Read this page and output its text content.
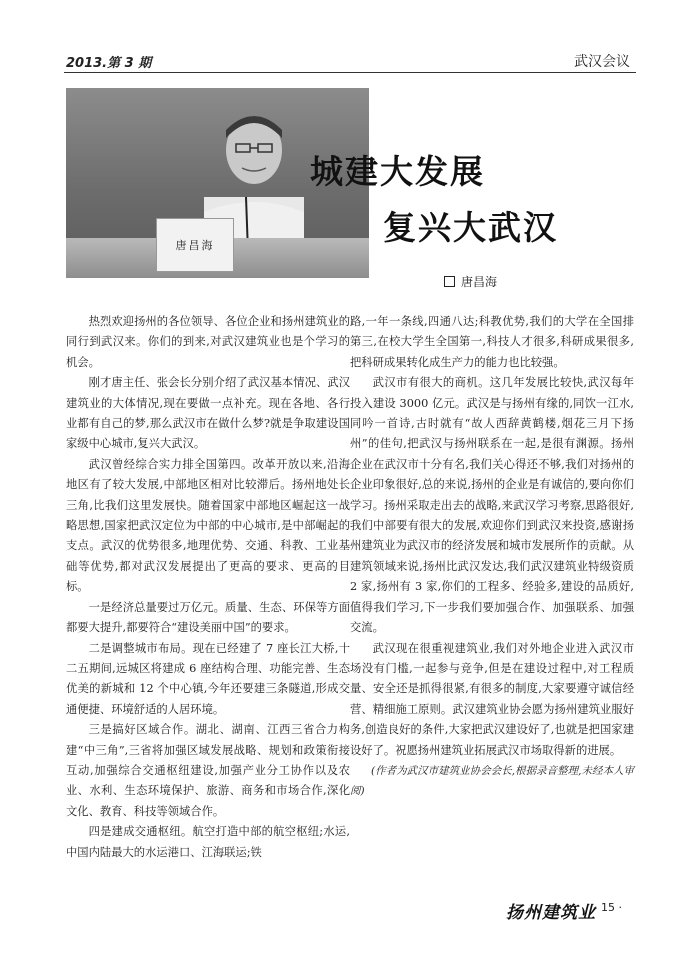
2013.第 3 期	武汉会议
唐昌海
城建大发展
复兴大武汉
唐昌海

热烈欢迎扬州的各位领导、各位企业和扬州建筑业的同行到武汉来。你们的到来,对武汉建筑业也是个学习的机会。

刚才唐主任、张会长分别介绍了武汉基本情况、武汉建筑业的大体情况,现在要做一点补充。现在各地、各行业都有自己的梦,那么武汉市在做什么梦?就是争取建设国家级中心城市,复兴大武汉。

武汉曾经综合实力排全国第四。改革开放以来,沿海地区有了较大发展,中部地区相对比较滞后。扬州地处长三角,比我们这里发展快。随着国家中部地区崛起这一战略思想,国家把武汉定位为中部的中心城市,是中部崛起的支点。武汉的优势很多,地理优势、交通、科教、工业基础等优势,都对武汉发展提出了更高的要求、更高的目标。

一是经济总量要过万亿元。质量、生态、环保等方面都要大提升,都要符合“建设美丽中国”的要求。

二是调整城市布局。现在已经建了 7 座长江大桥,十二五期间,远城区将建成 6 座结构合理、功能完善、生态优美的新城和 12 个中心镇,今年还要建三条隧道,形成交通便捷、环境舒适的人居环境。

三是搞好区域合作。湖北、湖南、江西三省合力构建“中三角”,三省将加强区域发展战略、规划和政策衔接互动,加强综合交通枢纽建设,加强产业分工协作以及农业、水利、生态环境保护、旅游、商务和市场合作,深化文化、教育、科技等领域合作。

四是建成交通枢纽。航空打造中部的航空枢纽;水运,中国内陆最大的水运港口、江海联运;铁

路,一年一条线,四通八达;科教优势,我们的大学在全国排第三,在校大学生全国第一,科技人才很多,科研成果很多,把科研成果转化成生产力的能力也比较强。

武汉市有很大的商机。这几年发展比较快,武汉每年投入建设 3000 亿元。武汉是与扬州有缘的,同饮一江水,同吟一首诗,古时就有“故人西辞黄鹤楼,烟花三月下扬州”的佳句,把武汉与扬州联系在一起,是很有渊源。扬州企业在武汉市十分有名,我们关心得还不够,我们对扬州的企业印象很好,总的来说,扬州的企业是有诚信的,要向你们学习。扬州采取走出去的战略,来武汉学习考察,思路很好,我们中部要有很大的发展,欢迎你们到武汉来投资,感谢扬州建筑业为武汉市的经济发展和城市发展所作的贡献。从建筑领域来说,扬州比武汉发达,我们武汉建筑业特级资质 2 家,扬州有 3 家,你们的工程多、经验多,建设的品质好,值得我们学习,下一步我们要加强合作、加强联系、加强交流。

武汉现在很重视建筑业,我们对外地企业进入武汉市场没有门槛,一起参与竞争,但是在建设过程中,对工程质量、安全还是抓得很紧,有很多的制度,大家要遵守诚信经营、精细施工原则。武汉建筑业协会愿为扬州建筑业服好务,创造良好的条件,大家把武汉建设好了,也就是把国家建设好了。祝愿扬州建筑业拓展武汉市场取得新的进展。

(作者为武汉市建筑业协会会长,根据录音整理,未经本人审阅)

扬州建筑业
· 15 ·
